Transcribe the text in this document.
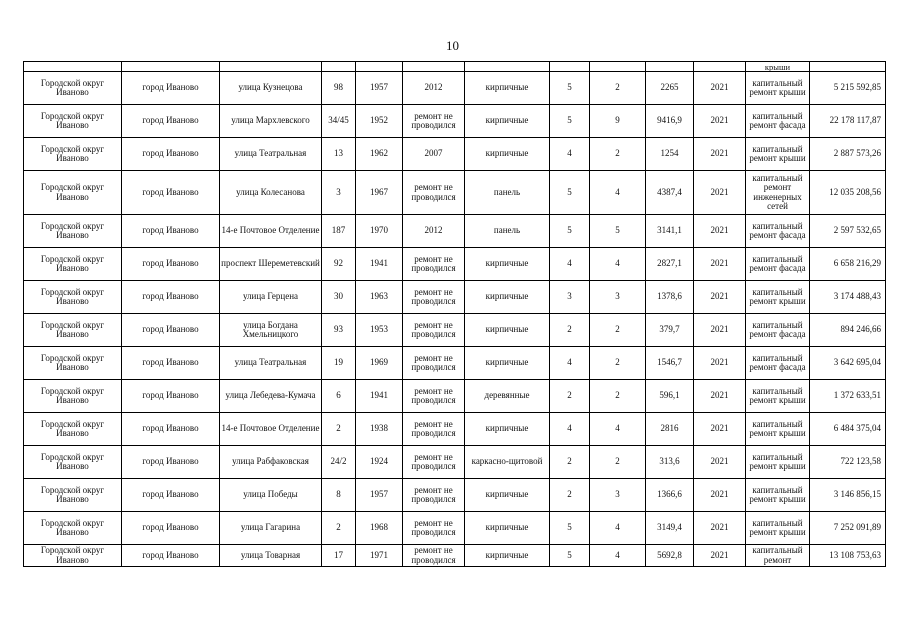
10
											крыши	
Городской округ Иваново	город Иваново	улица Кузнецова	98	1957	2012	кирпичные	5	2	2265	2021	капитальный ремонт крыши	5 215 592,85
Городской округ Иваново	город Иваново	улица Мархлевского	34/45	1952	ремонт не проводился	кирпичные	5	9	9416,9	2021	капитальный ремонт фасада	22 178 117,87
Городской округ Иваново	город Иваново	улица Театральная	13	1962	2007	кирпичные	4	2	1254	2021	капитальный ремонт крыши	2 887 573,26
Городской округ Иваново	город Иваново	улица Колесанова	3	1967	ремонт не проводился	панель	5	4	4387,4	2021	капитальный ремонт инженерных сетей	12 035 208,56
Городской округ Иваново	город Иваново	14-е Почтовое Отделение	187	1970	2012	панель	5	5	3141,1	2021	капитальный ремонт фасада	2 597 532,65
Городской округ Иваново	город Иваново	проспект Шереметевский	92	1941	ремонт не проводился	кирпичные	4	4	2827,1	2021	капитальный ремонт фасада	6 658 216,29
Городской округ Иваново	город Иваново	улица Герцена	30	1963	ремонт не проводился	кирпичные	3	3	1378,6	2021	капитальный ремонт крыши	3 174 488,43
Городской округ Иваново	город Иваново	улица Богдана Хмельницкого	93	1953	ремонт не проводился	кирпичные	2	2	379,7	2021	капитальный ремонт фасада	894 246,66
Городской округ Иваново	город Иваново	улица Театральная	19	1969	ремонт не проводился	кирпичные	4	2	1546,7	2021	капитальный ремонт фасада	3 642 695,04
Городской округ Иваново	город Иваново	улица Лебедева-Кумача	6	1941	ремонт не проводился	деревянные	2	2	596,1	2021	капитальный ремонт крыши	1 372 633,51
Городской округ Иваново	город Иваново	14-е Почтовое Отделение	2	1938	ремонт не проводился	кирпичные	4	4	2816	2021	капитальный ремонт крыши	6 484 375,04
Городской округ Иваново	город Иваново	улица Рабфаковская	24/2	1924	ремонт не проводился	каркасно-щитовой	2	2	313,6	2021	капитальный ремонт крыши	722 123,58
Городской округ Иваново	город Иваново	улица Победы	8	1957	ремонт не проводился	кирпичные	2	3	1366,6	2021	капитальный ремонт крыши	3 146 856,15
Городской округ Иваново	город Иваново	улица Гагарина	2	1968	ремонт не проводился	кирпичные	5	4	3149,4	2021	капитальный ремонт крыши	7 252 091,89
Городской округ Иваново	город Иваново	улица Товарная	17	1971	ремонт не проводился	кирпичные	5	4	5692,8	2021	капитальный ремонт	13 108 753,63
